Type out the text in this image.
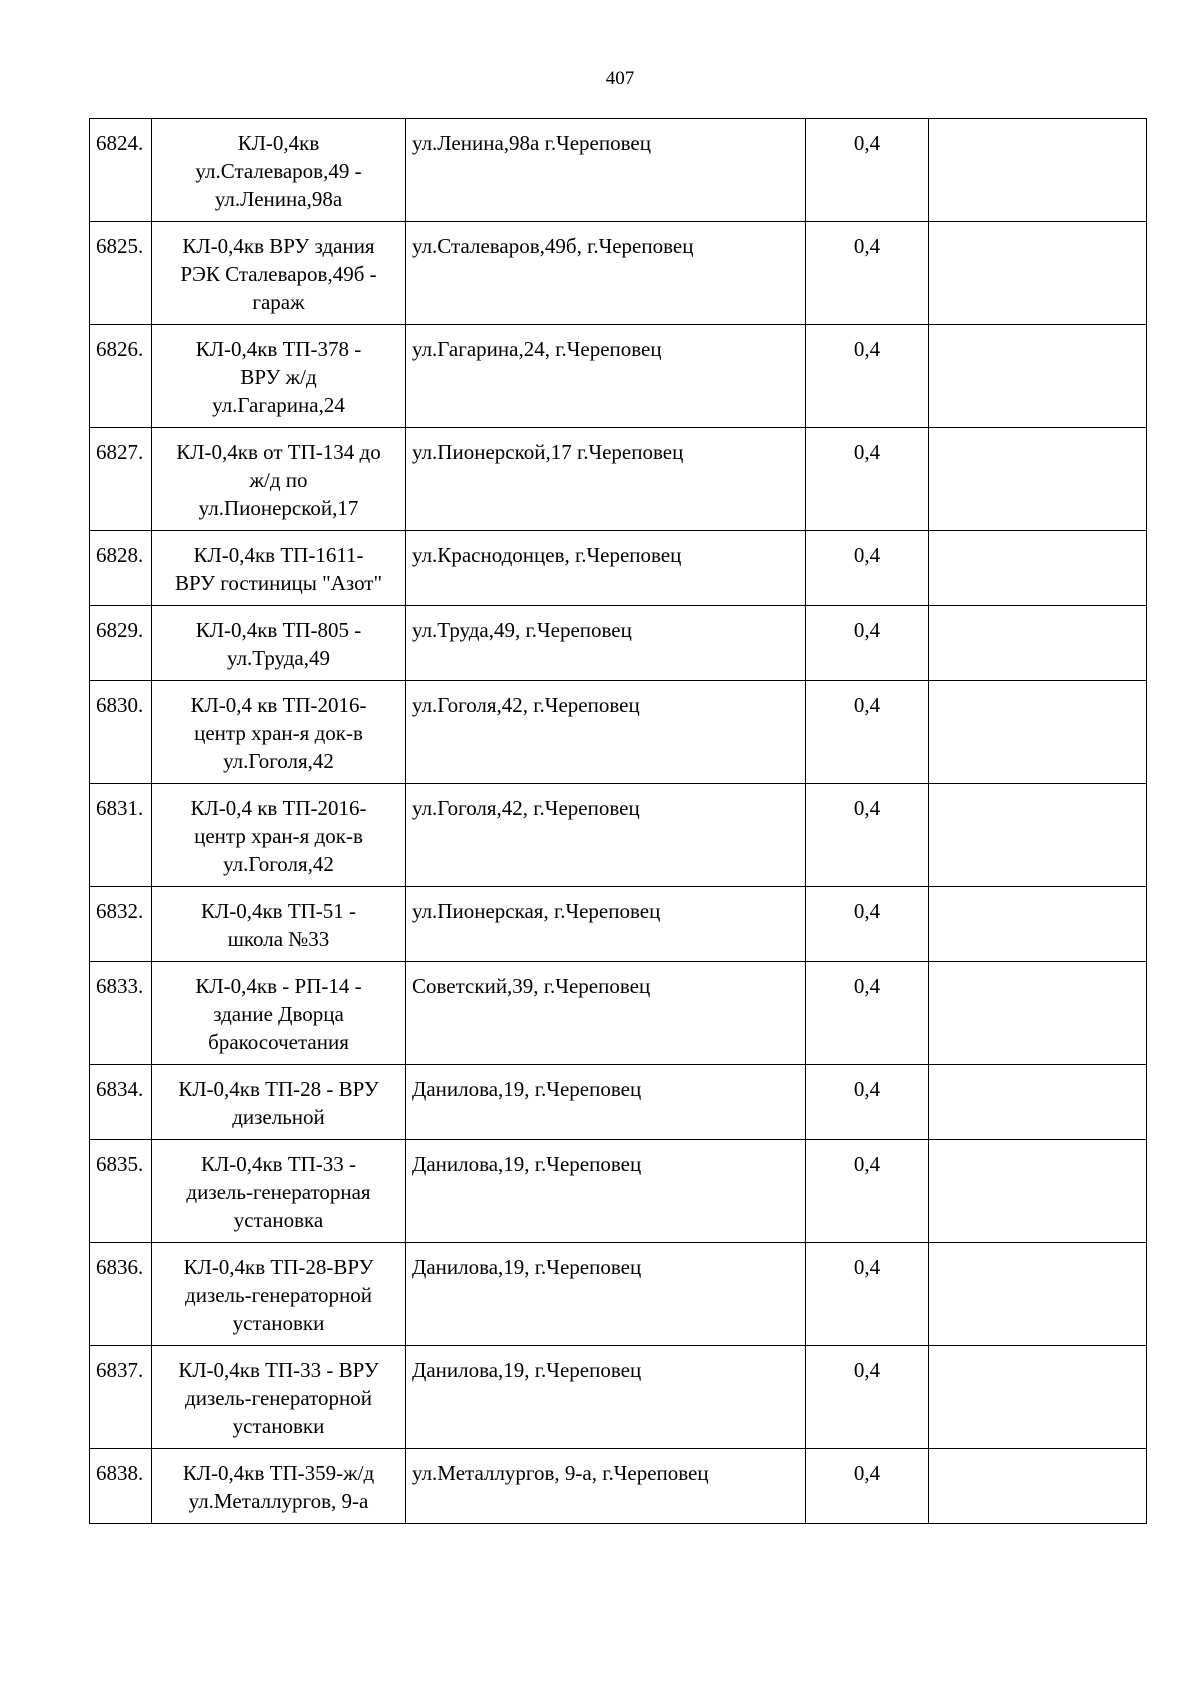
407
6824.	КЛ-0,4кв
ул.Сталеваров,49 -
ул.Ленина,98а	ул.Ленина,98а г.Череповец	0,4	
6825.	КЛ-0,4кв ВРУ здания
РЭК Сталеваров,49б -
гараж	ул.Сталеваров,49б, г.Череповец	0,4	
6826.	КЛ-0,4кв ТП-378 -
ВРУ ж/д
ул.Гагарина,24	ул.Гагарина,24, г.Череповец	0,4	
6827.	КЛ-0,4кв от ТП-134 до
ж/д по
ул.Пионерской,17	ул.Пионерской,17 г.Череповец	0,4	
6828.	КЛ-0,4кв ТП-1611-
ВРУ гостиницы "Азот"	ул.Краснодонцев, г.Череповец	0,4	
6829.	КЛ-0,4кв ТП-805 -
ул.Труда,49	ул.Труда,49, г.Череповец	0,4	
6830.	КЛ-0,4 кв ТП-2016-
центр хран-я док-в
ул.Гоголя,42	ул.Гоголя,42, г.Череповец	0,4	
6831.	КЛ-0,4 кв ТП-2016-
центр хран-я док-в
ул.Гоголя,42	ул.Гоголя,42, г.Череповец	0,4	
6832.	КЛ-0,4кв ТП-51 -
школа №33	ул.Пионерская, г.Череповец	0,4	
6833.	КЛ-0,4кв - РП-14 -
здание Дворца
бракосочетания	Советский,39, г.Череповец	0,4	
6834.	КЛ-0,4кв ТП-28 - ВРУ
дизельной	Данилова,19, г.Череповец	0,4	
6835.	КЛ-0,4кв ТП-33 -
дизель-генераторная
установка	Данилова,19, г.Череповец	0,4	
6836.	КЛ-0,4кв ТП-28-ВРУ
дизель-генераторной
установки	Данилова,19, г.Череповец	0,4	
6837.	КЛ-0,4кв ТП-33 - ВРУ
дизель-генераторной
установки	Данилова,19, г.Череповец	0,4	
6838.	КЛ-0,4кв ТП-359-ж/д
ул.Металлургов, 9-а	ул.Металлургов, 9-а, г.Череповец	0,4	
